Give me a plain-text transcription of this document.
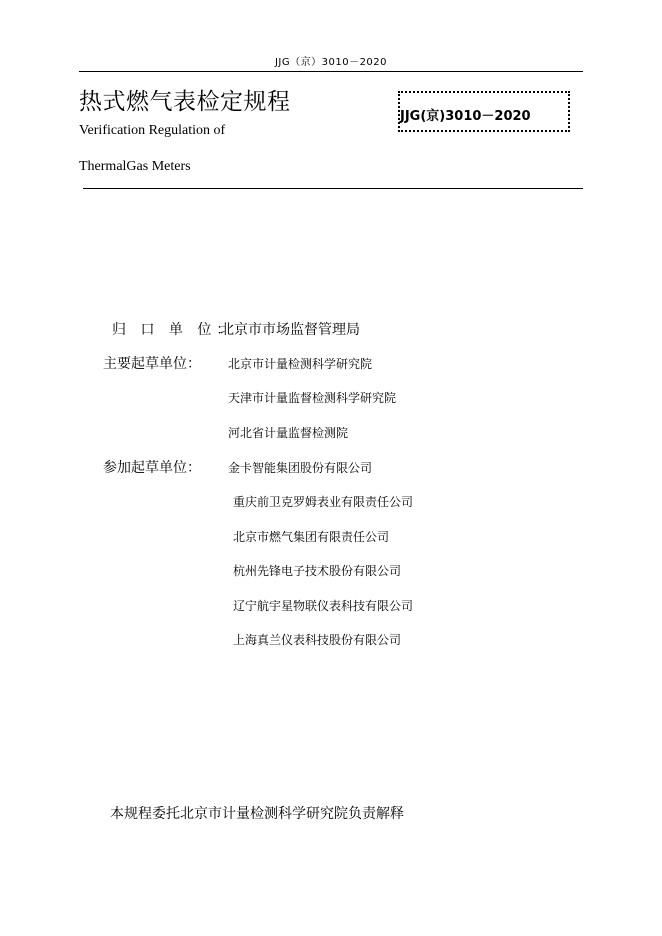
JJG（京）3010－2020
热式燃气表检定规程
JJG(京)3010－2020
Verification Regulation of
ThermalGas Meters
归 口 单 位：
北京市市场监督管理局
主要起草单位： 北京市计量检测科学研究院
天津市计量监督检测科学研究院
河北省计量监督检测院
参加起草单位： 金卡智能集团股份有限公司
重庆前卫克罗姆表业有限责任公司
北京市燃气集团有限责任公司
杭州先锋电子技术股份有限公司
辽宁航宇星物联仪表科技有限公司
上海真兰仪表科技股份有限公司
本规程委托北京市计量检测科学研究院负责解释
